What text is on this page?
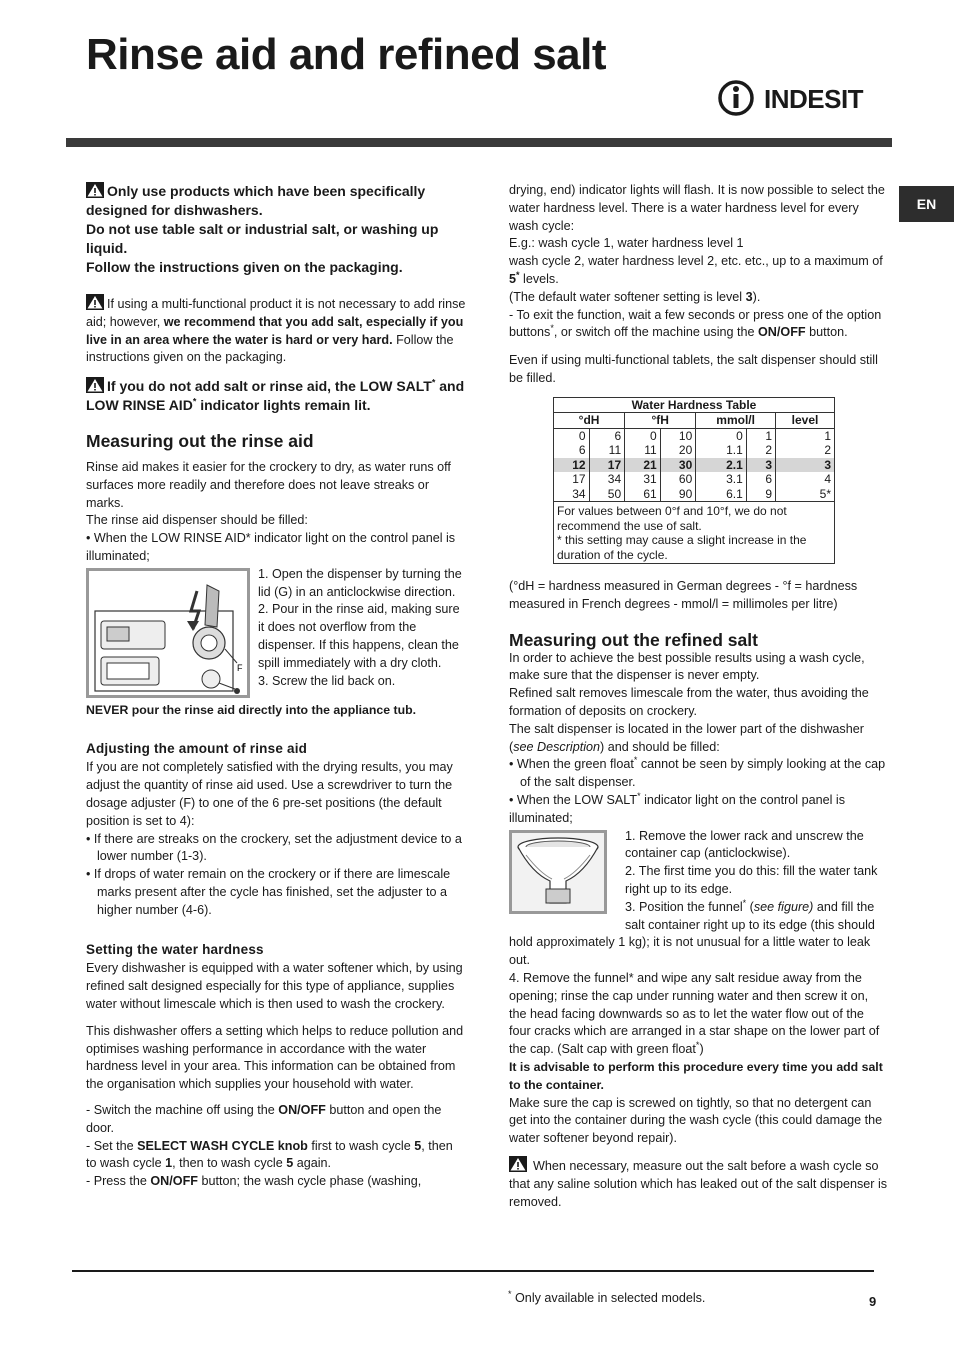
Rinse aid and refined salt
INDESIT
EN
Only use products which have been specifically designed for dishwashers.
Do not use table salt or industrial salt, or washing up liquid.
Follow the instructions given on the packaging.

If using a multi-functional product it is not necessary to add rinse aid; however, we recommend that you add salt, especially if you live in an area where the water is hard or very hard. Follow the instructions given on the packaging.

If you do not add salt or rinse aid, the LOW SALT* and LOW RINSE AID* indicator lights remain lit.
Measuring out the rinse aid

Rinse aid makes it easier for the crockery to dry, as water runs off surfaces more readily and therefore does not leave streaks or marks.

The rinse aid dispenser should be filled:

• When the LOW RINSE AID* indicator light on the control panel is illuminated;

F

1. Open the dispenser by turning the lid (G) in an anticlockwise direction.

2. Pour in the rinse aid, making sure it does not overflow from the dispenser. If this happens, clean the spill immediately with a dry cloth.

3. Screw the lid back on.

NEVER pour the rinse aid directly into the appliance tub.

Adjusting the amount of rinse aid

If you are not completely satisfied with the drying results, you may adjust the quantity of rinse aid used. Use a screwdriver to turn the dosage adjuster (F) to one of the 6 pre-set positions (the default position is set to 4):

• If there are streaks on the crockery, set the adjustment device to a lower number (1-3).

• If drops of water remain on the crockery or if there are limescale marks present after the cycle has finished, set the adjuster to a higher number (4-6).

Setting the water hardness

Every dishwasher is equipped with a water softener which, by using refined salt designed especially for this type of appliance, supplies water without limescale which is then used to wash the crockery.

This dishwasher offers a setting which helps to reduce pollution and optimises washing performance in accordance with the water hardness level in your area. This information can be obtained from the organisation which supplies your household with water.

- Switch the machine off using the ON/OFF button and open the door.

- Set the SELECT WASH CYCLE knob first to wash cycle 5, then to wash cycle 1, then to wash cycle 5 again.

- Press the ON/OFF button; the wash cycle phase (washing,

drying, end) indicator lights will flash. It is now possible to select the water hardness level. There is a water hardness level for every wash cycle:

E.g.: wash cycle 1, water hardness level 1

wash cycle 2, water hardness level 2, etc. etc., up to a maximum of 5* levels.

(The default water softener setting is level 3).

- To exit the function, wait a few seconds or press one of the option buttons*, or switch off the machine using the ON/OFF button.

Even if using multi-functional tablets, the salt dispenser should still be filled.

Water Hardness Table						
°dH		°fH		mmol/l		level
0	6	0	10	0	1	1
6	11	11	20	1.1	2	2
12	17	21	30	2.1	3	3
17	34	31	60	3.1	6	4
34	50	61	90	6.1	9	5*
For values between 0°f and 10°f, we do not recommend the use of salt.
* this setting may cause a slight increase in the duration of the cycle.						

(°dH = hardness measured in German degrees - °f = hardness measured in French degrees - mmol/l = millimoles per litre)

Measuring out the refined salt

In order to achieve the best possible results using a wash cycle, make sure that the dispenser is never empty.

Refined salt removes limescale from the water, thus avoiding the formation of deposits on crockery.

The salt dispenser is located in the lower part of the dishwasher (see Description) and should be filled:

• When the green float* cannot be seen by simply looking at the cap of the salt dispenser.

• When the LOW SALT* indicator light on the control panel is illuminated;

1. Remove the lower rack and unscrew the container cap (anticlockwise).

2. The first time you do this: fill the water tank right up to its edge.

3. Position the funnel* (see figure) and fill the salt container right up to its edge (this should hold approximately 1 kg); it is not unusual for a little water to leak out.

4. Remove the funnel* and wipe any salt residue away from the opening; rinse the cap under running water and then screw it on, the head facing downwards so as to let the water flow out of the four cracks which are arranged in a star shape on the lower part of the cap. (Salt cap with green float*)

It is advisable to perform this procedure every time you add salt to the container.

Make sure the cap is screwed on tightly, so that no detergent can get into the container during the wash cycle (this could damage the water softener beyond repair).

When necessary, measure out the salt before a wash cycle so that any saline solution which has leaked out of the salt dispenser is removed.

* Only available in selected models.	9
